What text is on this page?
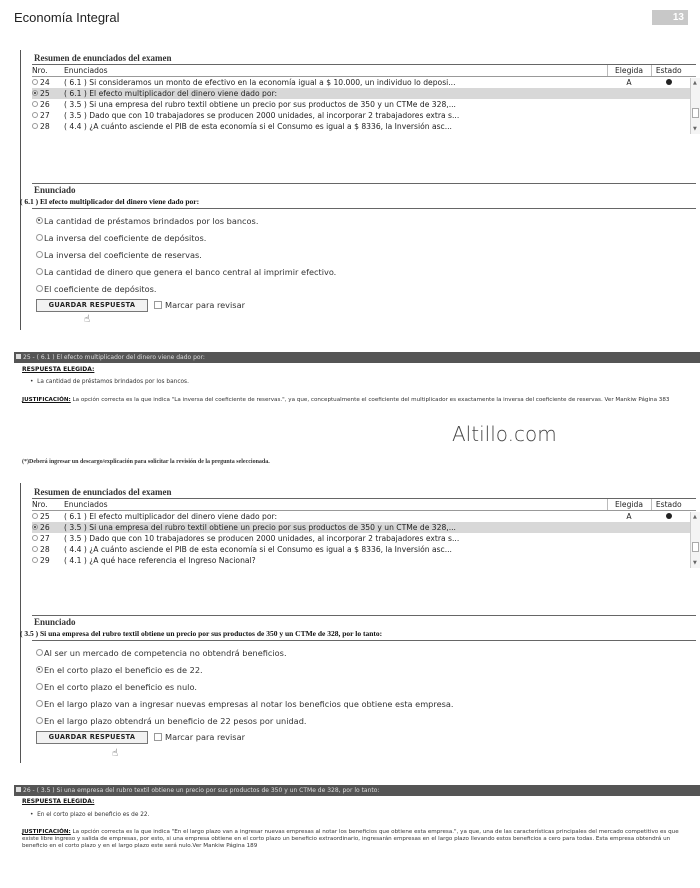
Economía Integral	13
Resumen de enunciados del examen
Nro.	Enunciados	Elegida	Estado	
24	( 6.1 ) Si consideramos un monto de efectivo en la economía igual a $ 10.000, un individuo lo deposi...	A		
25	( 6.1 ) El efecto multiplicador del dinero viene dado por:			
26	( 3.5 ) Si una empresa del rubro textil obtiene un precio por sus productos de 350 y un CTMe de 328,...			
27	( 3.5 ) Dado que con 10 trabajadores se producen 2000 unidades, al incorporar 2 trabajadores extra s...			
28	( 4.4 ) ¿A cuánto asciende el PIB de esta economía si el Consumo es igual a $ 8336, la Inversión asc...			
▲
▼
Enunciado
( 6.1 ) El efecto multiplicador del dinero viene dado por:
La cantidad de préstamos brindados por los bancos.
La inversa del coeficiente de depósitos.
La inversa del coeficiente de reservas.
La cantidad de dinero que genera el banco central al imprimir efectivo.
El coeficiente de depósitos.
GUARDAR RESPUESTA	Marcar para revisar
☝
25 - ( 6.1 ) El efecto multiplicador del dinero viene dado por:
RESPUESTA ELEGIDA:
•  La cantidad de préstamos brindados por los bancos.
JUSTIFICACIÓN: La opción correcta es la que indica "La inversa del coeficiente de reservas.", ya que, conceptualmente el coeficiente del multiplicador es exactamente la inversa del coeficiente de reservas. Ver Mankiw Página 383
Altillo.com
(*)Deberá ingresar un descargo/explicación para solicitar la revisión de la pregunta seleccionada.
Resumen de enunciados del examen
Nro.	Enunciados	Elegida	Estado	
25	( 6.1 ) El efecto multiplicador del dinero viene dado por:	A		
26	( 3.5 ) Si una empresa del rubro textil obtiene un precio por sus productos de 350 y un CTMe de 328,...			
27	( 3.5 ) Dado que con 10 trabajadores se producen 2000 unidades, al incorporar 2 trabajadores extra s...			
28	( 4.4 ) ¿A cuánto asciende el PIB de esta economía si el Consumo es igual a $ 8336, la Inversión asc...			
29	( 4.1 ) ¿A qué hace referencia el Ingreso Nacional?			
▲
▼
Enunciado
( 3.5 ) Si una empresa del rubro textil obtiene un precio por sus productos de 350 y un CTMe de 328, por lo tanto:
Al ser un mercado de competencia no obtendrá beneficios.
En el corto plazo el beneficio es de 22.
En el corto plazo el beneficio es nulo.
En el largo plazo van a ingresar nuevas empresas al notar los beneficios que obtiene esta empresa.
En el largo plazo obtendrá un beneficio de 22 pesos por unidad.
GUARDAR RESPUESTA	Marcar para revisar
☝
26 - ( 3.5 ) Si una empresa del rubro textil obtiene un precio por sus productos de 350 y un CTMe de 328, por lo tanto:
RESPUESTA ELEGIDA:
•  En el corto plazo el beneficio es de 22.
JUSTIFICACIÓN: La opción correcta es la que indica "En el largo plazo van a ingresar nuevas empresas al notar los beneficios que obtiene esta empresa.", ya que, una de las características principales del mercado competitivo es que existe libre ingreso y salida de empresas, por esto, si una empresa obtiene en el corto plazo un beneficio extraordinario, ingresarán empresas en el largo plazo llevando estos beneficios a cero para todas. Esta empresa obtendrá un beneficio en el corto plazo y en el largo plazo este será nulo.Ver Mankiw Página 189
